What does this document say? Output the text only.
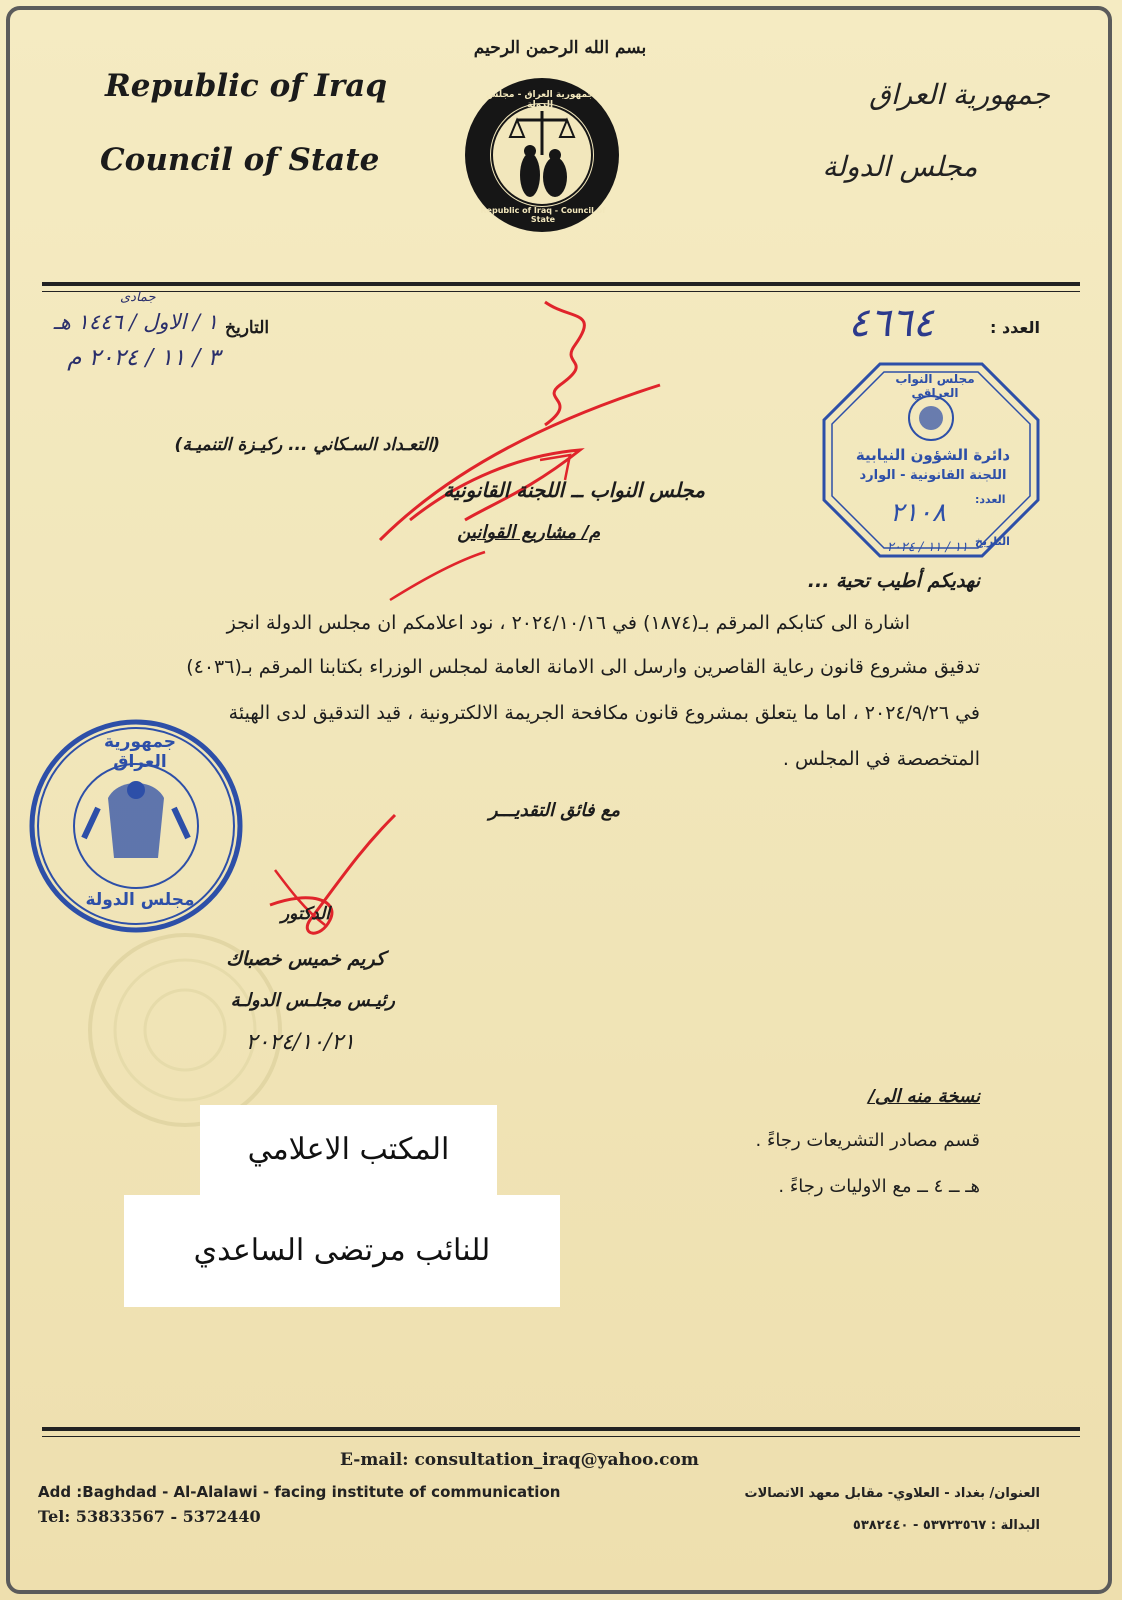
بسم الله الرحمن الرحيم
Republic of Iraq
Council of State
جمهورية العراق
مجلس الدولة
جمهورية العراق - مجلس الدولة
Republic of Iraq - Council of State
العدد :
٤٦٦٤
التاريخ
١ / الاول / ١٤٤٦ هـ
جمادى
٣ / ١١ / ٢٠٢٤ م
مجلس النواب العراقي
دائرة الشؤون النيابية
اللجنة القانونية - الوارد
العدد:
٢١٠٨
التاريخ
١١ / ١١ / ٢٠٢٤
(التعـداد السـكاني ... ركيـزة التنميـة)
مجلس النواب ــ اللجنة القانونية
م/ مشاريع القوانين
نهديكم أطيب تحية ...
اشارة الى كتابكم المرقم بـ(١٨٧٤) في ٢٠٢٤/١٠/١٦ ، نود اعلامكم ان مجلس الدولة انجز
تدقيق مشروع قانون رعاية القاصرين وارسل الى الامانة العامة لمجلس الوزراء بكتابنا المرقم بـ(٤٠٣٦)
في ٢٠٢٤/٩/٢٦ ، اما ما يتعلق بمشروع قانون مكافحة الجريمة الالكترونية ، قيد التدقيق لدى الهيئة
المتخصصة في المجلس .
مع فائق التقديـــر
جمهورية العراق
مجلس الدولة
الدكتور
كريم خميس خصباك
رئيـس مجلـس الدولـة
٢٠٢٤/١٠/٢١
نسخة منه الى/
قسم مصادر التشريعات رجاءً .
هـ ــ ٤ ــ مع الاوليات رجاءً .
المكتب الاعلامي
للنائب مرتضى الساعدي
E-mail: consultation_iraq@yahoo.com
Add :Baghdad - Al-Alalawi - facing institute of communication
Tel: 53833567 - 5372440
العنوان/ بغداد - العلاوي- مقابل معهد الاتصالات
البدالة : ٥٣٧٢٣٥٦٧ - ٥٣٨٢٤٤٠
